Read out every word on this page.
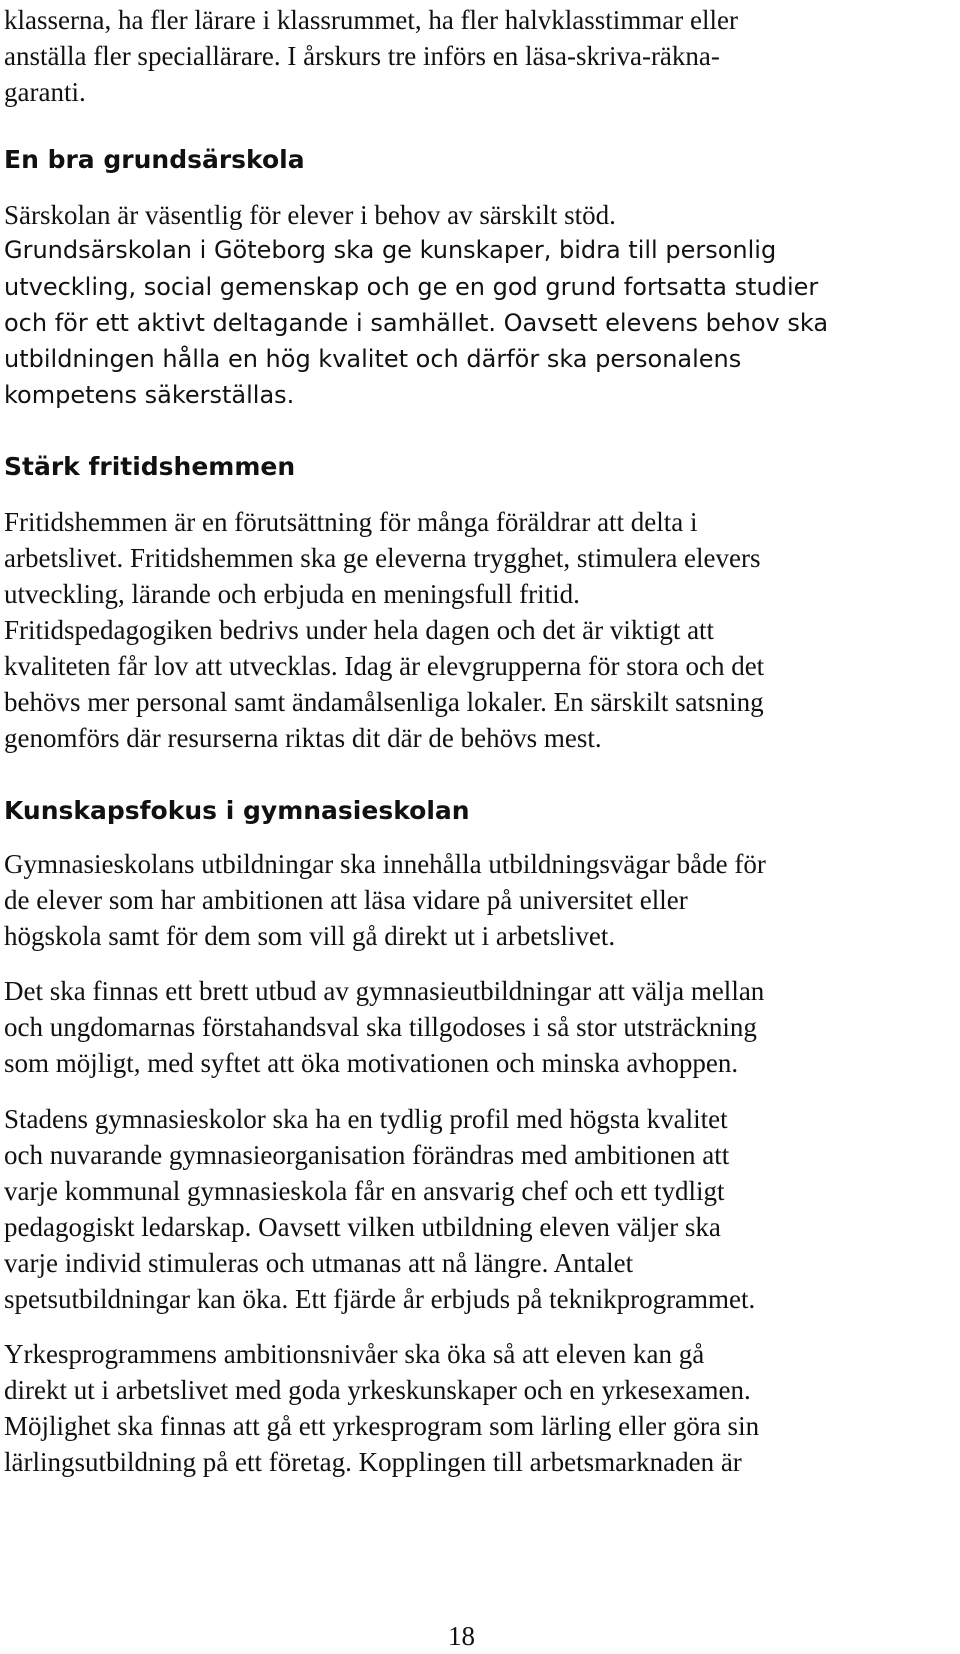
klasserna, ha fler lärare i klassrummet, ha fler halvklasstimmar eller

anställa fler speciallärare. I årskurs tre införs en läsa-skriva-räkna-

garanti.

En bra grundsärskola

Särskolan är väsentlig för elever i behov av särskilt stöd.

Grundsärskolan i Göteborg ska ge kunskaper, bidra till personlig

utveckling, social gemenskap och ge en god grund fortsatta studier

och för ett aktivt deltagande i samhället. Oavsett elevens behov ska

utbildningen hålla en hög kvalitet och därför ska personalens

kompetens säkerställas.

Stärk fritidshemmen

Fritidshemmen är en förutsättning för många föräldrar att delta i

arbetslivet. Fritidshemmen ska ge eleverna trygghet, stimulera elevers

utveckling, lärande och erbjuda en meningsfull fritid.

Fritidspedagogiken bedrivs under hela dagen och det är viktigt att

kvaliteten får lov att utvecklas. Idag är elevgrupperna för stora och det

behövs mer personal samt ändamålsenliga lokaler. En särskilt satsning

genomförs där resurserna riktas dit där de behövs mest.

Kunskapsfokus i gymnasieskolan

Gymnasieskolans utbildningar ska innehålla utbildningsvägar både för

de elever som har ambitionen att läsa vidare på universitet eller

högskola samt för dem som vill gå direkt ut i arbetslivet.

Det ska finnas ett brett utbud av gymnasieutbildningar att välja mellan

och ungdomarnas förstahandsval ska tillgodoses i så stor utsträckning

som möjligt, med syftet att öka motivationen och minska avhoppen.

Stadens gymnasieskolor ska ha en tydlig profil med högsta kvalitet

och nuvarande gymnasieorganisation förändras med ambitionen att

varje kommunal gymnasieskola får en ansvarig chef och ett tydligt

pedagogiskt ledarskap. Oavsett vilken utbildning eleven väljer ska

varje individ stimuleras och utmanas att nå längre. Antalet

spetsutbildningar kan öka. Ett fjärde år erbjuds på teknikprogrammet.

Yrkesprogrammens ambitionsnivåer ska öka så att eleven kan gå

direkt ut i arbetslivet med goda yrkeskunskaper och en yrkesexamen.

Möjlighet ska finnas att gå ett yrkesprogram som lärling eller göra sin

lärlingsutbildning på ett företag. Kopplingen till arbetsmarknaden är

18
